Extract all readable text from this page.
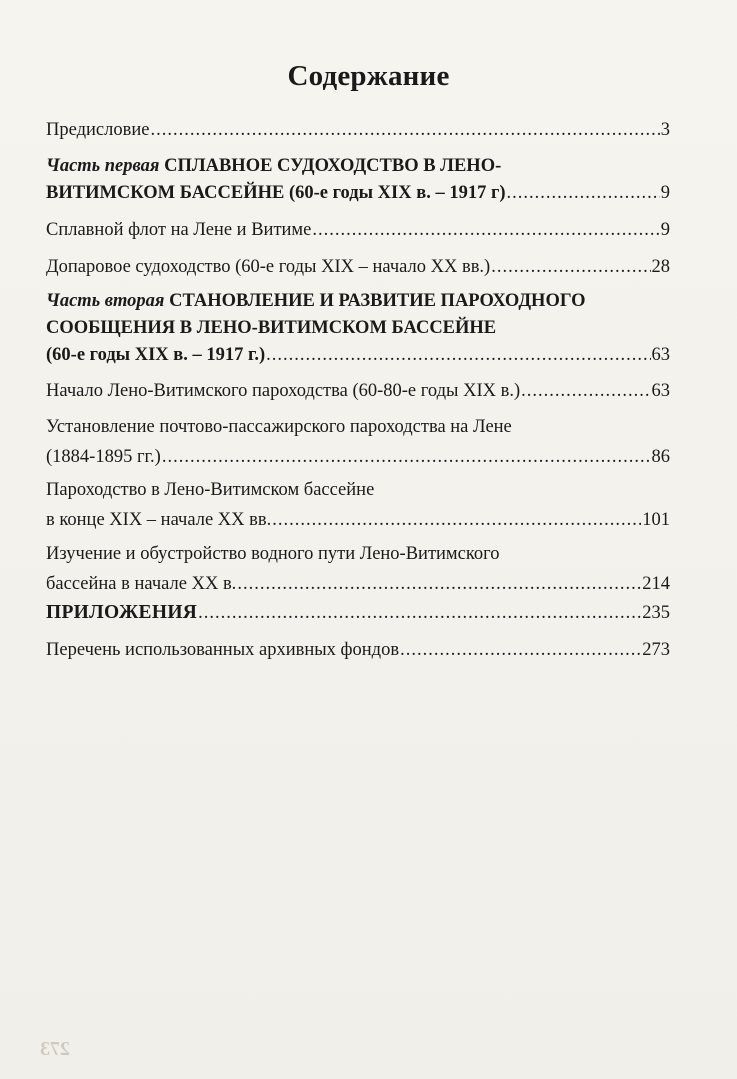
Содержание
Предисловие .....	3
Часть первая
СПЛАВНОЕ СУДОХОДСТВО В ЛЕНО-
ВИТИМСКОМ БАССЕЙНЕ (60-е годы XIX в. – 1917 г) .....	9
Сплавной флот на Лене и Витиме .....	9
Допаровое судоходство (60-е годы XIX – начало XX вв.) .....	28
Часть вторая
СТАНОВЛЕНИЕ И РАЗВИТИЕ ПАРОХОДНОГО
СООБЩЕНИЯ В ЛЕНО-ВИТИМСКОМ БАССЕЙНЕ
(60-е годы XIX в. – 1917 г.) .....	63
Начало Лено-Витимского пароходства (60-80-е годы XIX в.) .....	63
Установление почтово-пассажирского пароходства на Лене
(1884-1895 гг.) .....	86
Пароходство в Лено-Витимском бассейне
в конце XIX – начале XX вв. .....	101
Изучение и обустройство водного пути Лено-Витимского
бассейна в начале XX в. .....	214
ПРИЛОЖЕНИЯ .....	235
Перечень использованных архивных фондов .....	273
273
